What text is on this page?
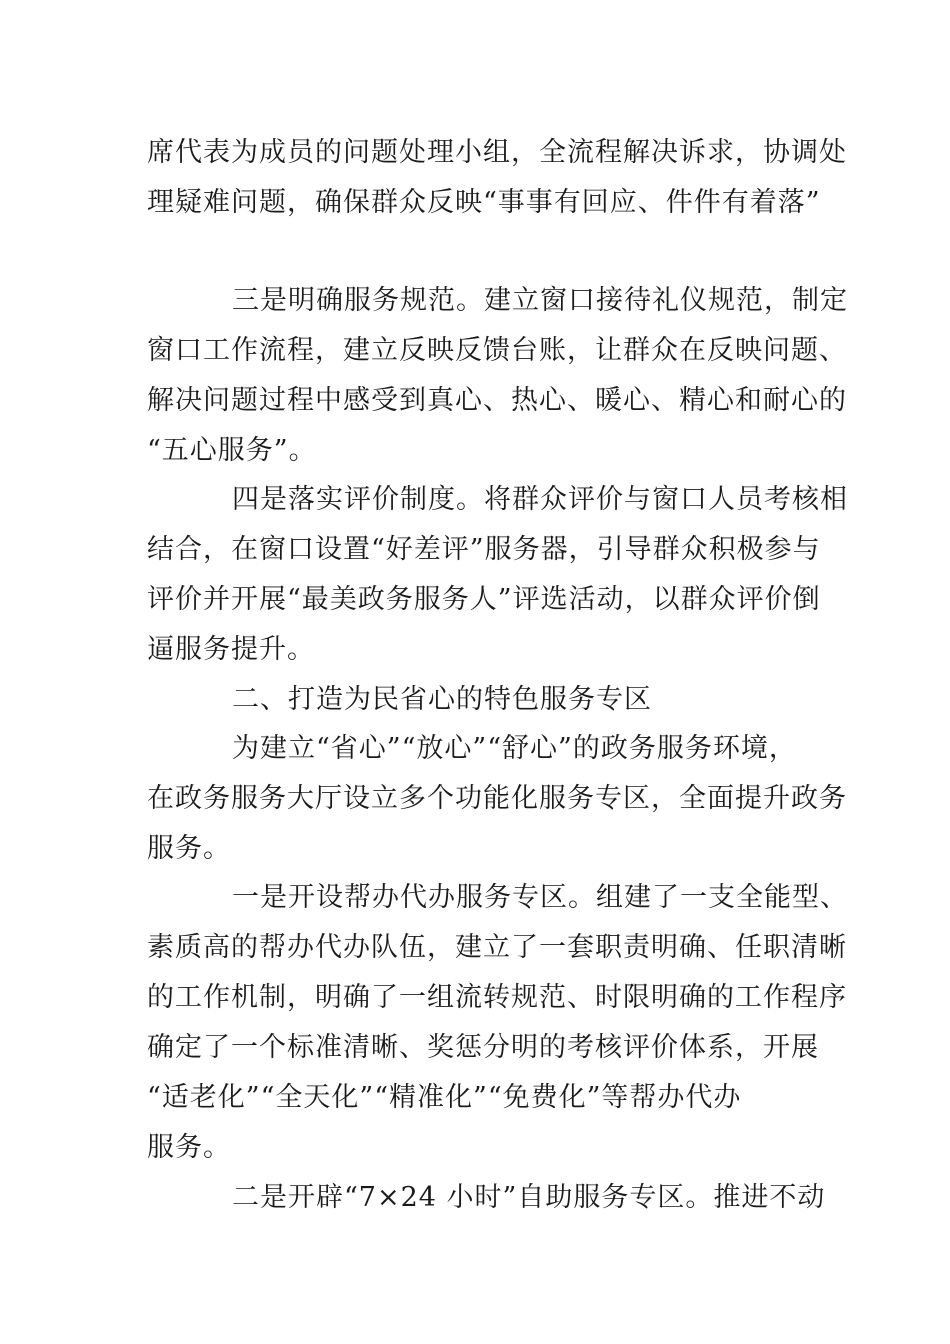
席代表为成员的问题处理小组，全流程解决诉求，协调处
理疑难问题，确保群众反映“事事有回应、件件有着落”
三是明确服务规范。建立窗口接待礼仪规范，制定
窗口工作流程，建立反映反馈台账，让群众在反映问题、
解决问题过程中感受到真心、热心、暖心、精心和耐心的
“五心服务”。
四是落实评价制度。将群众评价与窗口人员考核相
结合，在窗口设置“好差评”服务器，引导群众积极参与
评价并开展“最美政务服务人”评选活动，以群众评价倒
逼服务提升。
二、打造为民省心的特色服务专区
为建立“省心”“放心”“舒心”的政务服务环境，
在政务服务大厅设立多个功能化服务专区，全面提升政务
服务。
一是开设帮办代办服务专区。组建了一支全能型、
素质高的帮办代办队伍，建立了一套职责明确、任职清晰
的工作机制，明确了一组流转规范、时限明确的工作程序
确定了一个标准清晰、奖惩分明的考核评价体系，开展
“适老化”“全天化”“精准化”“免费化”等帮办代办
服务。
二是开辟“7×24 小时”自助服务专区。推进不动
